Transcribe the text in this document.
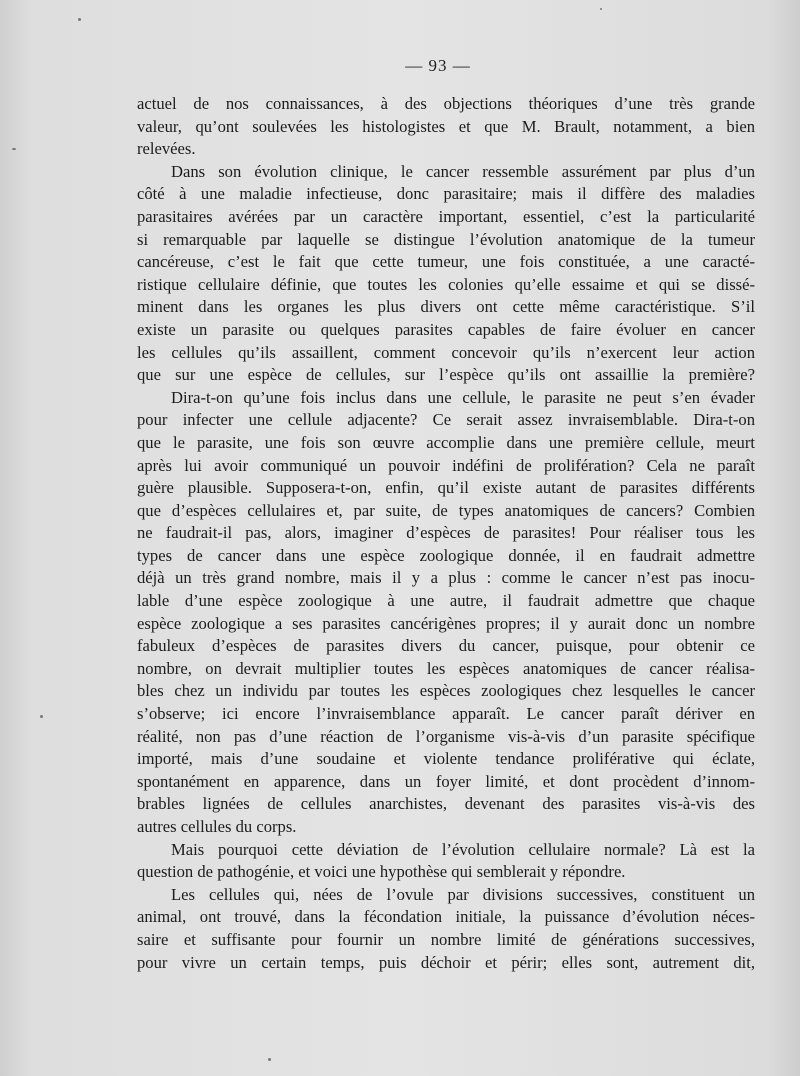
— 93 —

actuel de nos connaissances, à des objections théoriques d’une très grande
valeur, qu’ont soulevées les histologistes et que M. Brault, notamment, a bien
relevées.
Dans son évolution clinique, le cancer ressemble assurément par plus d’un
côté à une maladie infectieuse, donc parasitaire; mais il diffère des maladies
parasitaires avérées par un caractère important, essentiel, c’est la particularité
si remarquable par laquelle se distingue l’évolution anatomique de la tumeur
cancéreuse, c’est le fait que cette tumeur, une fois constituée, a une caracté-
ristique cellulaire définie, que toutes les colonies qu’elle essaime et qui se dissé-
minent dans les organes les plus divers ont cette même caractéristique. S’il
existe un parasite ou quelques parasites capables de faire évoluer en cancer
les cellules qu’ils assaillent, comment concevoir qu’ils n’exercent leur action
que sur une espèce de cellules, sur l’espèce qu’ils ont assaillie la première?
Dira-t-on qu’une fois inclus dans une cellule, le parasite ne peut s’en évader
pour infecter une cellule adjacente? Ce serait assez invraisemblable. Dira-t-on
que le parasite, une fois son œuvre accomplie dans une première cellule, meurt
après lui avoir communiqué un pouvoir indéfini de prolifération? Cela ne paraît
guère plausible. Supposera-t-on, enfin, qu’il existe autant de parasites différents
que d’espèces cellulaires et, par suite, de types anatomiques de cancers? Combien
ne faudrait-il pas, alors, imaginer d’espèces de parasites! Pour réaliser tous les
types de cancer dans une espèce zoologique donnée, il en faudrait admettre
déjà un très grand nombre, mais il y a plus : comme le cancer n’est pas inocu-
lable d’une espèce zoologique à une autre, il faudrait admettre que chaque
espèce zoologique a ses parasites cancérigènes propres; il y aurait donc un nombre
fabuleux d’espèces de parasites divers du cancer, puisque, pour obtenir ce
nombre, on devrait multiplier toutes les espèces anatomiques de cancer réalisa-
bles chez un individu par toutes les espèces zoologiques chez lesquelles le cancer
s’observe; ici encore l’invraisemblance apparaît. Le cancer paraît dériver en
réalité, non pas d’une réaction de l’organisme vis-à-vis d’un parasite spécifique
importé, mais d’une soudaine et violente tendance proliférative qui éclate,
spontanément en apparence, dans un foyer limité, et dont procèdent d’innom-
brables lignées de cellules anarchistes, devenant des parasites vis-à-vis des
autres cellules du corps.
Mais pourquoi cette déviation de l’évolution cellulaire normale? Là est la
question de pathogénie, et voici une hypothèse qui semblerait y répondre.
Les cellules qui, nées de l’ovule par divisions successives, constituent un
animal, ont trouvé, dans la fécondation initiale, la puissance d’évolution néces-
saire et suffisante pour fournir un nombre limité de générations successives,
pour vivre un certain temps, puis déchoir et périr; elles sont, autrement dit,
